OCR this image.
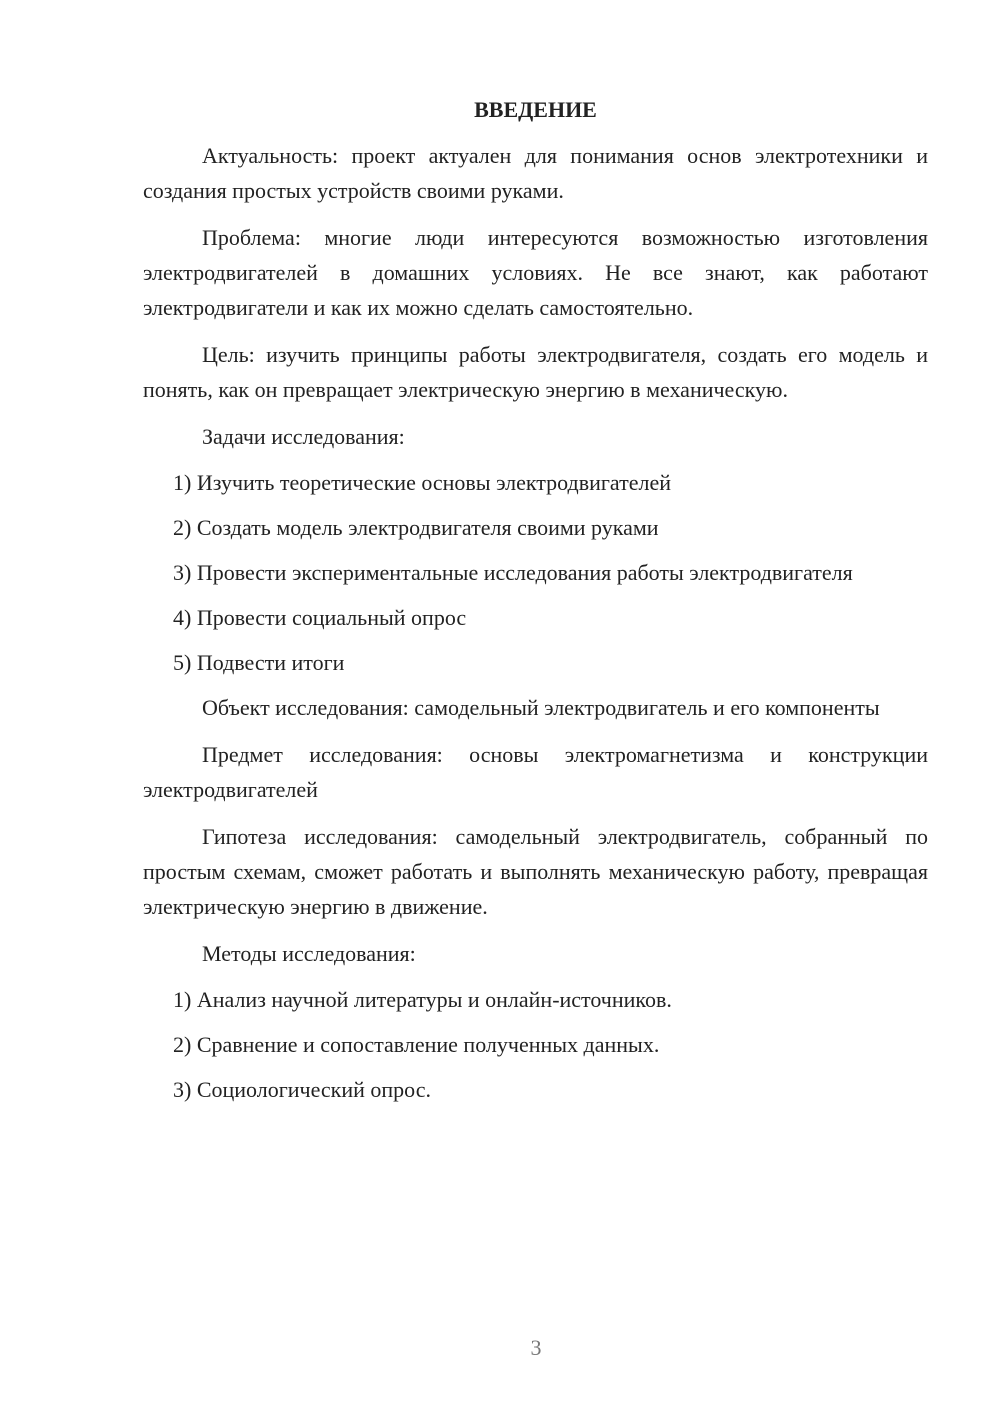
ВВЕДЕНИЕ

Актуальность: проект актуален для понимания основ электротехники и создания простых устройств своими руками.

Проблема: многие люди интересуются возможностью изготовления электродвигателей в домашних условиях. Не все знают, как работают электродвигатели и как их можно сделать самостоятельно.

Цель: изучить принципы работы электродвигателя, создать его модель и понять, как он превращает электрическую энергию в механическую.

Задачи исследования:

1) Изучить теоретические основы электродвигателей

2) Создать модель электродвигателя своими руками

3) Провести экспериментальные исследования работы электродвигателя

4) Провести социальный опрос

5) Подвести итоги

Объект исследования: самодельный электродвигатель и его компоненты

Предмет исследования: основы электромагнетизма и конструкции электродвигателей

Гипотеза исследования: самодельный электродвигатель, собранный по простым схемам, сможет работать и выполнять механическую работу, превращая электрическую энергию в движение.

Методы исследования:

1) Анализ научной литературы и онлайн-источников.

2) Сравнение и сопоставление полученных данных.

3) Социологический опрос.

3
